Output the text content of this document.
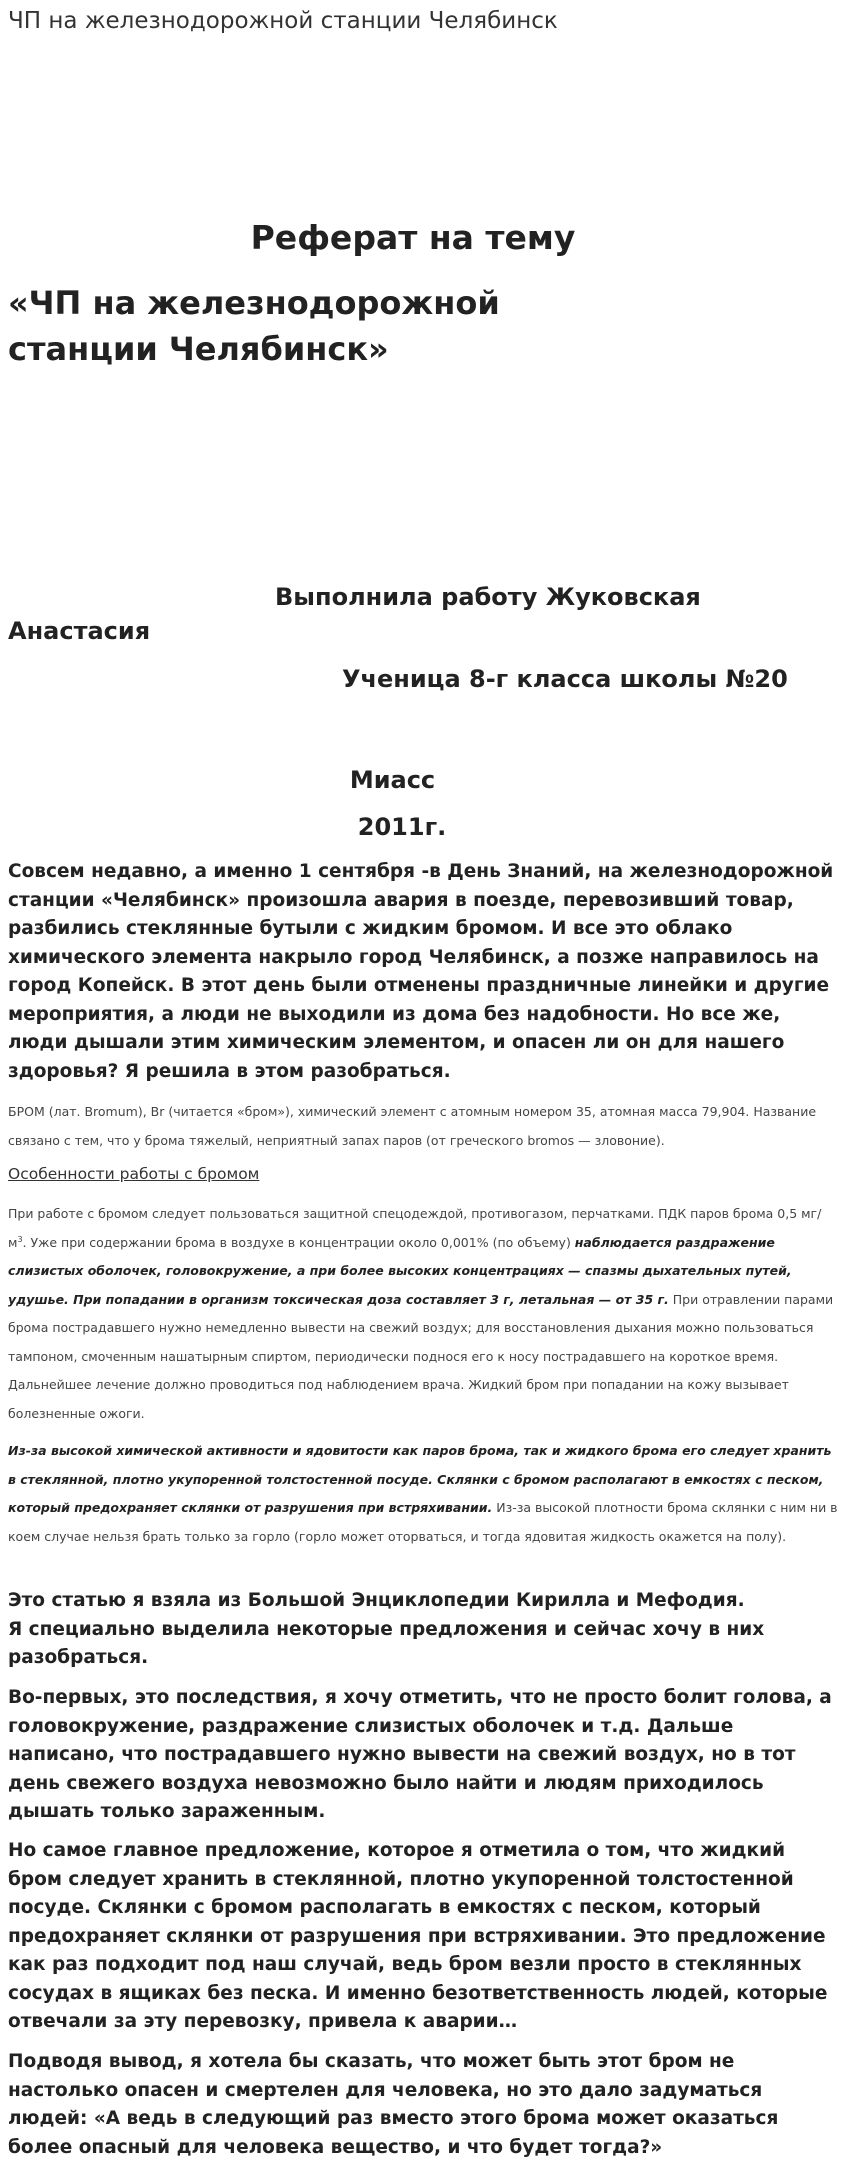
ЧП на железнодорожной станции Челябинск
Реферат на тему
«ЧП на железнодорожной станции Челябинск»
Выполнила работу Жуковская
Анастасия
Ученица 8-г класса школы №20
Миасс
2011г.
Совсем недавно, а именно 1 сентября -в День Знаний, на железнодорожной станции «Челябинск» произошла авария в поезде, перевозивший товар, разбились стеклянные бутыли с жидким бромом. И все это облако химического элемента накрыло город Челябинск, а позже направилось на город Копейск. В этот день были отменены праздничные линейки и другие мероприятия, а люди не выходили из дома без надобности. Но все же, люди дышали этим химическим элементом, и опасен ли он для нашего здоровья? Я решила в этом разобраться.
БРОМ (лат. Bromum), Br (читается «бром»), химический элемент с атомным номером 35, атомная масса 79,904. Название связано с тем, что у брома тяжелый, неприятный запах паров (от греческого bromos — зловоние).
Особенности работы с бромом
При работе с бромом следует пользоваться защитной спецодеждой, противогазом, перчатками. ПДК паров брома 0,5 $мг/м^3$. Уже при содержании брома в воздухе в концентрации около 0,001% (по объему) наблюдается раздражение слизистых оболочек, головокружение, а при более высоких концентрациях — спазмы дыхательных путей, удушье. При попадании в организм токсическая доза составляет 3 г, летальная — от 35 г. При отравлении парами брома пострадавшего нужно немедленно вывести на свежий воздух; для восстановления дыхания можно пользоваться тампоном, смоченным нашатырным спиртом, периодически поднося его к носу пострадавшего на короткое время. Дальнейшее лечение должно проводиться под наблюдением врача. Жидкий бром при попадании на кожу вызывает болезненные ожоги.
Из-за высокой химической активности и ядовитости как паров брома, так и жидкого брома его следует хранить в стеклянной, плотно укупоренной толстостенной посуде. Склянки с бромом располагают в емкостях с песком, который предохраняет склянки от разрушения при встряхивании. Из-за высокой плотности брома склянки с ним ни в коем случае нельзя брать только за горло (горло может оторваться, и тогда ядовитая жидкость окажется на полу).
Это статью я взяла из Большой Энциклопедии Кирилла и Мефодия.
Я специально выделила некоторые предложения и сейчас хочу в них разобраться.
Во-первых, это последствия, я хочу отметить, что не просто болит голова, а головокружение, раздражение слизистых оболочек и т.д. Дальше написано, что пострадавшего нужно вывести на свежий воздух, но в тот день свежего воздуха невозможно было найти и людям приходилось дышать только зараженным.
Но самое главное предложение, которое я отметила о том, что жидкий бром следует хранить в стеклянной, плотно укупоренной толстостенной посуде. Склянки с бромом располагать в емкостях с песком, который предохраняет склянки от разрушения при встряхивании. Это предложение как раз подходит под наш случай, ведь бром везли просто в стеклянных сосудах в ящиках без песка. И именно безответственность людей, которые отвечали за эту перевозку, привела к аварии…
Подводя вывод, я хотела бы сказать, что может быть этот бром не настолько опасен и смертелен для человека, но это дало задуматься людей: «А ведь в следующий раз вместо этого брома может оказаться более опасный для человека вещество, и что будет тогда?»
